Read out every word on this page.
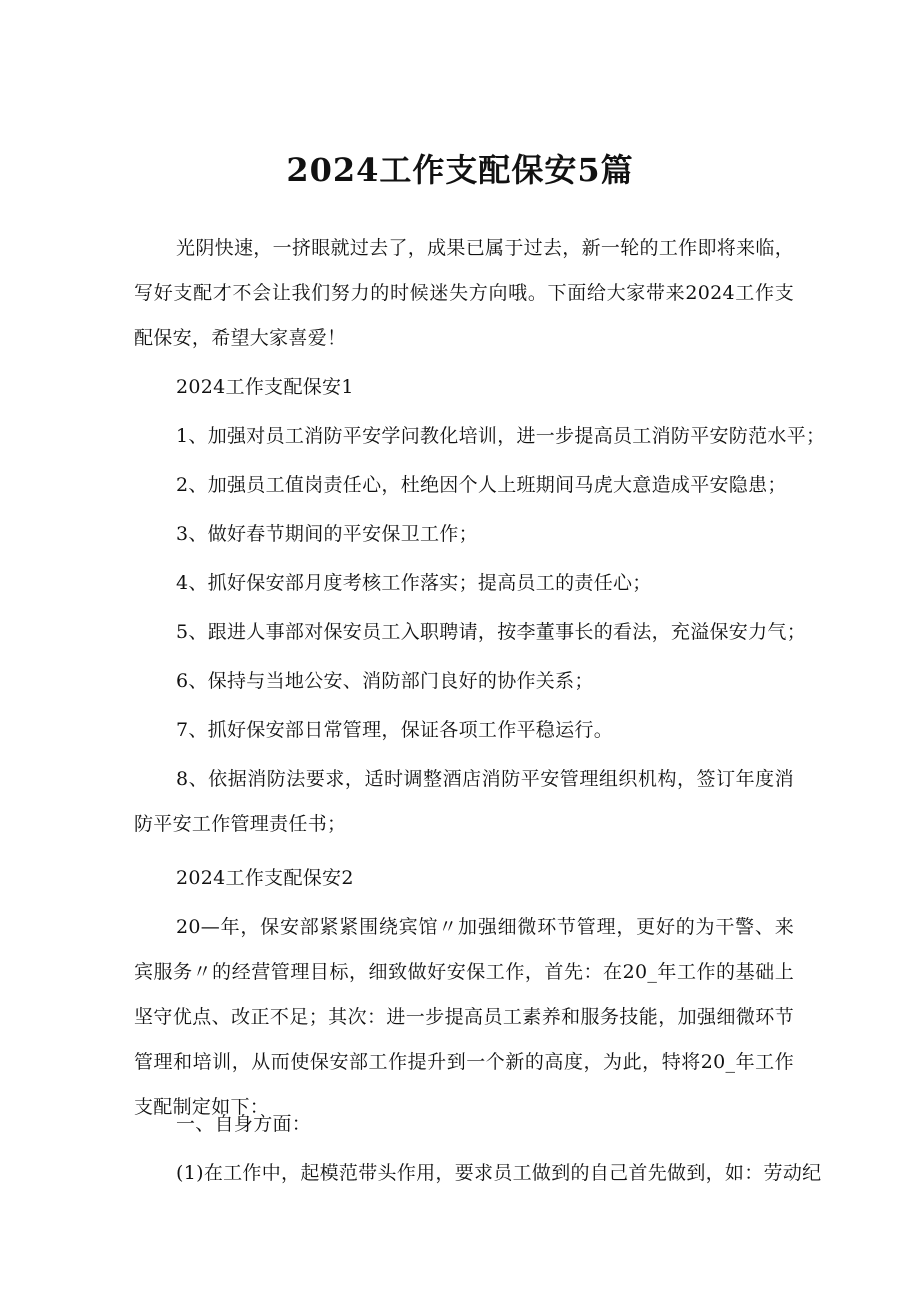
2024工作支配保安5篇

光阴快速，一挤眼就过去了，成果已属于过去，新一轮的工作即将来临，写好支配才不会让我们努力的时候迷失方向哦。下面给大家带来2024工作支配保安，希望大家喜爱！

2024工作支配保安1

1、加强对员工消防平安学问教化培训，进一步提高员工消防平安防范水平；

2、加强员工值岗责任心，杜绝因个人上班期间马虎大意造成平安隐患；

3、做好春节期间的平安保卫工作；

4、抓好保安部月度考核工作落实；提高员工的责任心；

5、跟进人事部对保安员工入职聘请，按李董事长的看法，充溢保安力气；

6、保持与当地公安、消防部门良好的协作关系；

7、抓好保安部日常管理，保证各项工作平稳运行。

8、依据消防法要求，适时调整酒店消防平安管理组织机构，签订年度消防平安工作管理责任书；

2024工作支配保安2

20—年，保安部紧紧围绕宾馆〃加强细微环节管理，更好的为干警、来宾服务〃的经营管理目标，细致做好安保工作，首先：在20_年工作的基础上坚守优点、改正不足；其次：进一步提高员工素养和服务技能，加强细微环节管理和培训，从而使保安部工作提升到一个新的高度，为此，特将20_年工作支配制定如下：

一、自身方面：

(1)在工作中，起模范带头作用，要求员工做到的自己首先做到，如：劳动纪
